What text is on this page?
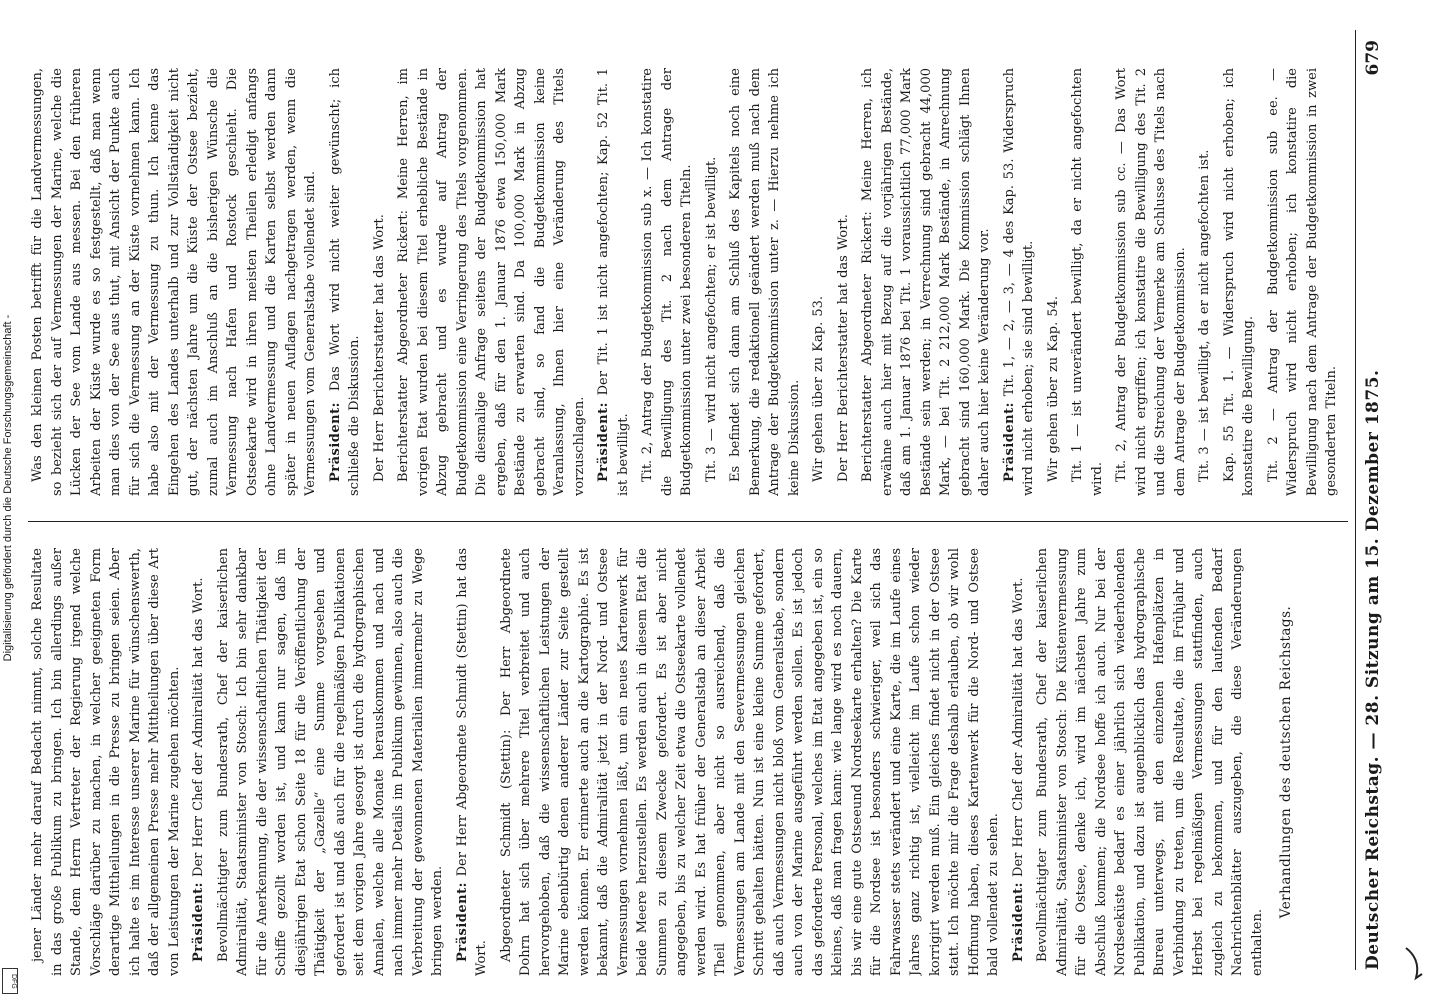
Digitalisierung gefördert durch die Deutsche Forschungsgemeinschaft -
DFG
Deutscher Reichstag. — 28. Sitzung am 15. Dezember 1875.
679

jener Länder mehr darauf Bedacht nimmt, solche Resultate in das große Publikum zu bringen. Ich bin allerdings außer Stande, dem Herrn Vertreter der Regierung irgend welche Vorschläge darüber zu machen, in welcher geeigneten Form derartige Mittheilungen in die Presse zu bringen seien. Aber ich halte es im Interesse unserer Marine für wünschenswerth, daß der allgemeinen Presse mehr Mittheilungen über diese Art von Leistungen der Marine zugehen möchten. Präsident: Der Herr Chef der Admiralität hat das Wort. Bevollmächtigter zum Bundesrath, Chef der kaiserlichen Admiralität, Staatsminister von Stosch: Ich bin sehr dankbar für die Anerkennung, die der wissenschaftlichen Thätigkeit der Schiffe gezollt worden ist, und kann nur sagen, daß im diesjährigen Etat schon Seite 18 für die Veröffentlichung der Thätigkeit der „Gazelle“ eine Summe vorgesehen und gefordert ist und daß auch für die regelmäßigen Publikationen seit dem vorigen Jahre gesorgt ist durch die hydrographischen Annalen, welche alle Monate herauskommen und nach und nach immer mehr Details im Publikum gewinnen, also auch die Verbreitung der gewonnenen Materialien immermehr zu Wege bringen werden. Präsident: Der Herr Abgeordnete Schmidt (Stettin) hat das Wort. Abgeordneter Schmidt (Stettin): Der Herr Abgeordnete Dohrn hat sich über mehrere Titel verbreitet und auch hervorgehoben, daß die wissenschaftlichen Leistungen der Marine ebenbürtig denen anderer Länder zur Seite gestellt werden können. Er erinnerte auch an die Kartographie. Es ist bekannt, daß die Admiralität jetzt in der Nord- und Ostsee Vermessungen vornehmen läßt, um ein neues Kartenwerk für beide Meere herzustellen. Es werden auch in diesem Etat die Summen zu diesem Zwecke gefordert. Es ist aber nicht angegeben, bis zu welcher Zeit etwa die Ostseekarte vollendet werden wird. Es hat früher der Generalstab an dieser Arbeit Theil genommen, aber nicht so ausreichend, daß die Vermessungen am Lande mit den Seevermessungen gleichen Schritt gehalten hätten. Nun ist eine kleine Summe gefordert, daß auch Vermessungen nicht bloß vom Generalstabe, sondern auch von der Marine ausgeführt werden sollen. Es ist jedoch das geforderte Personal, welches im Etat angegeben ist, ein so kleines, daß man fragen kann: wie lange wird es noch dauern, bis wir eine gute Ostseeund Nordseekarte erhalten? Die Karte für die Nordsee ist besonders schwieriger, weil sich das Fahrwasser stets verändert und eine Karte, die im Laufe eines Jahres ganz richtig ist, vielleicht im Laufe schon wieder korrigirt werden muß. Ein gleiches findet nicht in der Ostsee statt. Ich möchte mir die Frage deshalb erlauben, ob wir wohl Hoffnung haben, dieses Kartenwerk für die Nord- und Ostsee bald vollendet zu sehen. Präsident: Der Herr Chef der Admiralität hat das Wort. Bevollmächtigter zum Bundesrath, Chef der kaiserlichen Admiralität, Staatsminister von Stosch: Die Küstenvermessung für die Ostsee, denke ich, wird im nächsten Jahre zum Abschluß kommen; die Nordsee hoffe ich auch. Nur bei der Nordseeküste bedarf es einer jährlich sich wiederholenden Publikation, und dazu ist augenblicklich das hydrographische Bureau unterwegs, mit den einzelnen Hafenplätzen in Verbindung zu treten, um die Resultate, die im Frühjahr und Herbst bei regelmäßigen Vermessungen stattfinden, auch zugleich zu bekommen, und für den laufenden Bedarf Nachrichtenblätter auszugeben, die diese Veränderungen enthalten.

Verhandlungen des deutschen Reichstags.

Was den kleinen Posten betrifft für die Landvermessungen, so bezieht sich der auf Vermessungen der Marine, welche die Lücken der See vom Lande aus messen. Bei den früheren Arbeiten der Küste wurde es so festgestellt, daß man wenn man dies von der See aus thut, mit Ansicht der Punkte auch für sich die Vermessung an der Küste vornehmen kann. Ich habe also mit der Vermessung zu thun. Ich kenne das Eingehen des Landes unterhalb und zur Vollständigkeit nicht gut, der nächsten Jahre um die Küste der Ostsee bezieht, zumal auch im Anschluß an die bisherigen Wünsche die Vermessung nach Hafen und Rostock geschieht. Die Ostseekarte wird in ihren meisten Theilen erledigt anfangs ohne Landvermessung und die Karten selbst werden dann später in neuen Auflagen nachgetragen werden, wenn die Vermessungen vom Generalstabe vollendet sind. Präsident: Das Wort wird nicht weiter gewünscht; ich schließe die Diskussion. Der Herr Berichterstatter hat das Wort. Berichterstatter Abgeordneter Rickert: Meine Herren, im vorigen Etat wurden bei diesem Titel erhebliche Bestände in Abzug gebracht und es wurde auf Antrag der Budgetkommission eine Verringerung des Titels vorgenommen. Die diesmalige Anfrage seitens der Budgetkommission hat ergeben, daß für den 1. Januar 1876 etwa 150,000 Mark Bestände zu erwarten sind. Da 100,000 Mark in Abzug gebracht sind, so fand die Budgetkommission keine Veranlassung, Ihnen hier eine Veränderung des Titels vorzuschlagen. Präsident: Der Tit. 1 ist nicht angefochten; Kap. 52 Tit. 1 ist bewilligt. Tit. 2, Antrag der Budgetkommission sub x. — Ich konstatire die Bewilligung des Tit. 2 nach dem Antrage der Budgetkommission unter zwei besonderen Titeln. Tit. 3 — wird nicht angefochten; er ist bewilligt. Es befindet sich dann am Schluß des Kapitels noch eine Bemerkung, die redaktionell geändert werden muß nach dem Antrage der Budgetkommission unter z. — Hierzu nehme ich keine Diskussion. Wir gehen über zu Kap. 53. Der Herr Berichterstatter hat das Wort. Berichterstatter Abgeordneter Rickert: Meine Herren, ich erwähne auch hier mit Bezug auf die vorjährigen Bestände, daß am 1. Januar 1876 bei Tit. 1 voraussichtlich 77,000 Mark Bestände sein werden; in Verrechnung sind gebracht 44,000 Mark, — bei Tit. 2 212,000 Mark Bestände, in Anrechnung gebracht sind 160,000 Mark. Die Kommission schlägt Ihnen daher auch hier keine Veränderung vor. Präsident: Tit. 1, — 2, — 3, — 4 des Kap. 53. Widerspruch wird nicht erhoben; sie sind bewilligt. Wir gehen über zu Kap. 54. Tit. 1 — ist unverändert bewilligt, da er nicht angefochten wird. Tit. 2, Antrag der Budgetkommission sub cc. — Das Wort wird nicht ergriffen; ich konstatire die Bewilligung des Tit. 2 und die Streichung der Vermerke am Schlusse des Titels nach dem Antrage der Budgetkommission. Tit. 3 — ist bewilligt, da er nicht angefochten ist. Kap. 55 Tit. 1. — Widerspruch wird nicht erhoben; ich konstatire die Bewilligung. Tit. 2 — Antrag der Budgetkommission sub ee. — Widerspruch wird nicht erhoben; ich konstatire die Bewilligung nach dem Antrage der Budgetkommission in zwei gesonderten Titeln.
